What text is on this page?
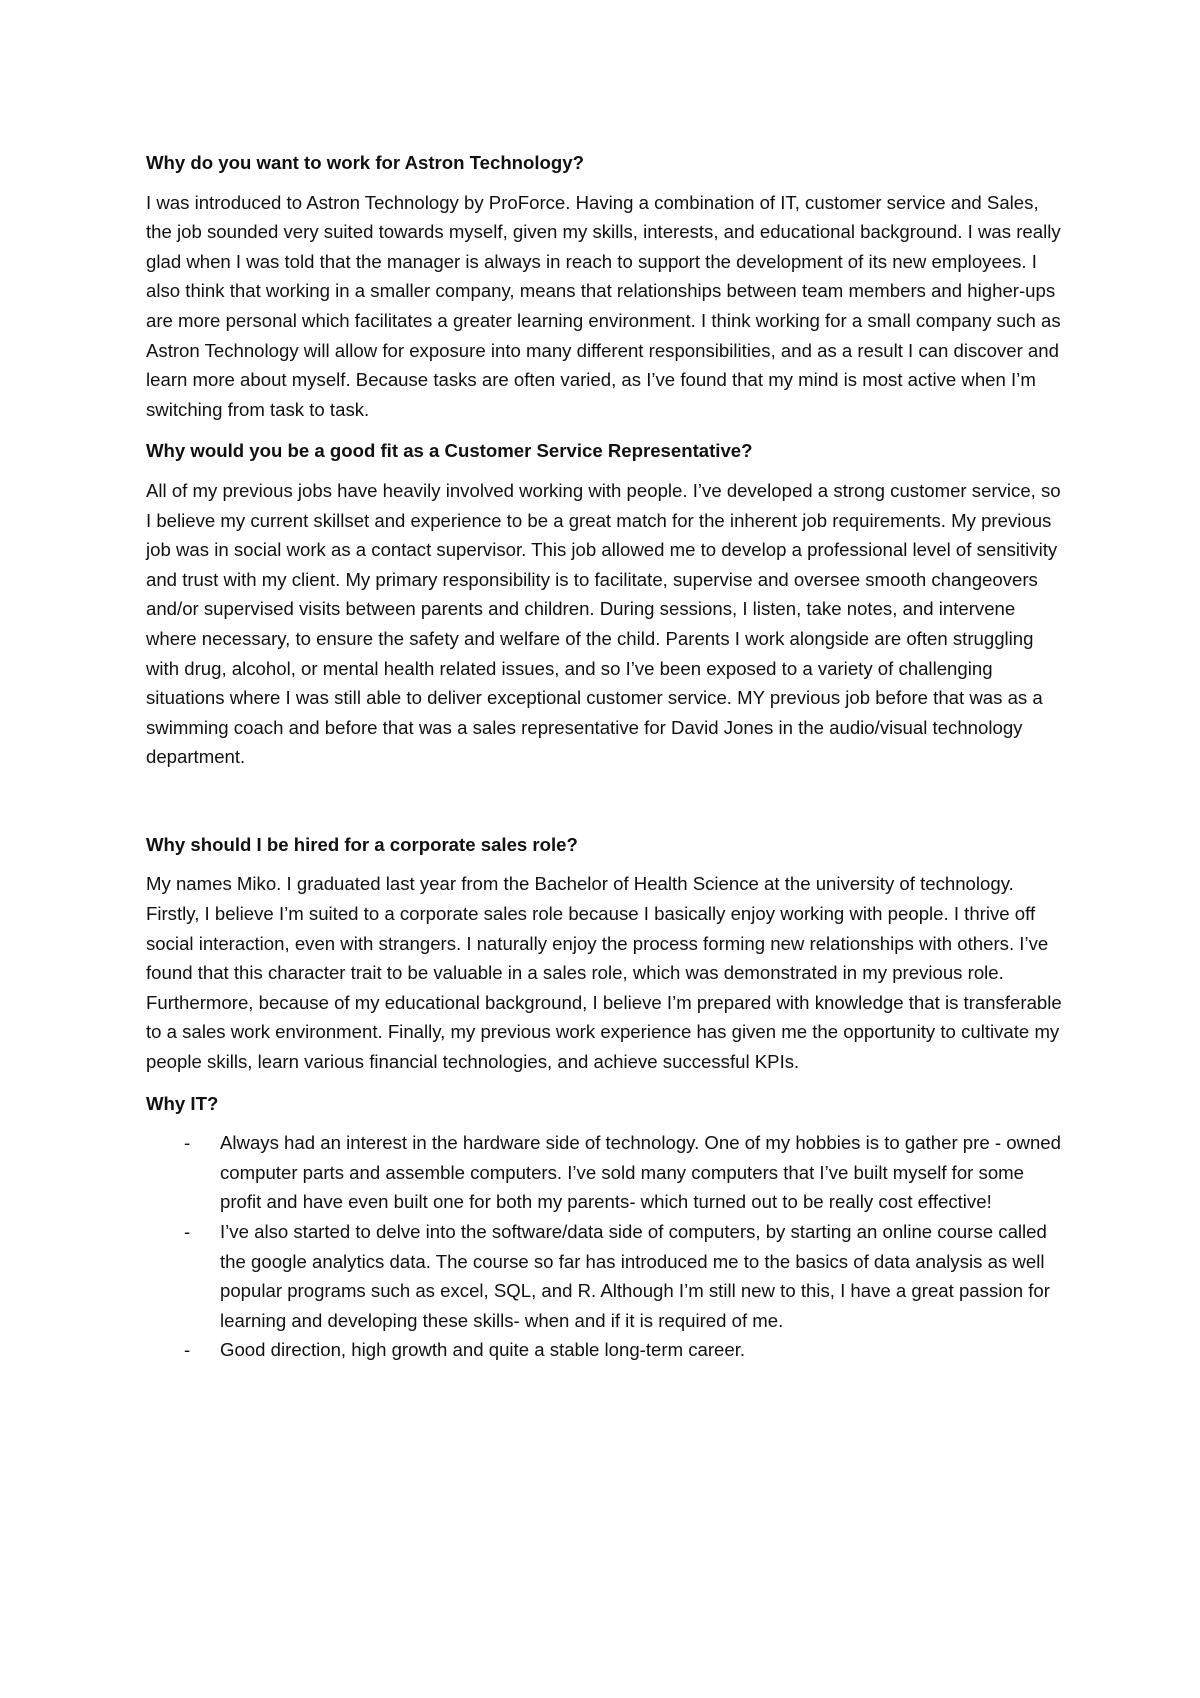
Why do you want to work for Astron Technology?
I was introduced to Astron Technology by ProForce. Having a combination of IT, customer service and Sales, the job sounded very suited towards myself, given my skills, interests, and educational background. I was really glad when I was told that the manager is always in reach to support the development of its new employees. I also think that working in a smaller company, means that relationships between team members and higher-ups are more personal which facilitates a greater learning environment. I think working for a small company such as Astron Technology will allow for exposure into many different responsibilities, and as a result I can discover and learn more about myself. Because tasks are often varied, as I’ve found that my mind is most active when I’m switching from task to task.
Why would you be a good fit as a Customer Service Representative?
All of my previous jobs have heavily involved working with people. I’ve developed a strong customer service, so I believe my current skillset and experience to be a great match for the inherent job requirements. My previous job was in social work as a contact supervisor. This job allowed me to develop a professional level of sensitivity and trust with my client. My primary responsibility is to facilitate, supervise and oversee smooth changeovers and/or supervised visits between parents and children. During sessions, I listen, take notes, and intervene where necessary, to ensure the safety and welfare of the child. Parents I work alongside are often struggling with drug, alcohol, or mental health related issues, and so I’ve been exposed to a variety of challenging situations where I was still able to deliver exceptional customer service. MY previous job before that was as a swimming coach and before that was a sales representative for David Jones in the audio/visual technology department.
Why should I be hired for a corporate sales role?
My names Miko. I graduated last year from the Bachelor of Health Science at the university of technology. Firstly, I believe I’m suited to a corporate sales role because I basically enjoy working with people. I thrive off social interaction, even with strangers. I naturally enjoy the process forming new relationships with others. I’ve found that this character trait to be valuable in a sales role, which was demonstrated in my previous role. Furthermore, because of my educational background, I believe I’m prepared with knowledge that is transferable to a sales work environment. Finally, my previous work experience has given me the opportunity to cultivate my people skills, learn various financial technologies, and achieve successful KPIs.
Why IT?
- Always had an interest in the hardware side of technology. One of my hobbies is to gather pre - owned computer parts and assemble computers. I’ve sold many computers that I’ve built myself for some profit and have even built one for both my parents- which turned out to be really cost effective!
- I’ve also started to delve into the software/data side of computers, by starting an online course called the google analytics data. The course so far has introduced me to the basics of data analysis as well popular programs such as excel, SQL, and R. Although I’m still new to this, I have a great passion for learning and developing these skills- when and if it is required of me.
- Good direction, high growth and quite a stable long-term career.
